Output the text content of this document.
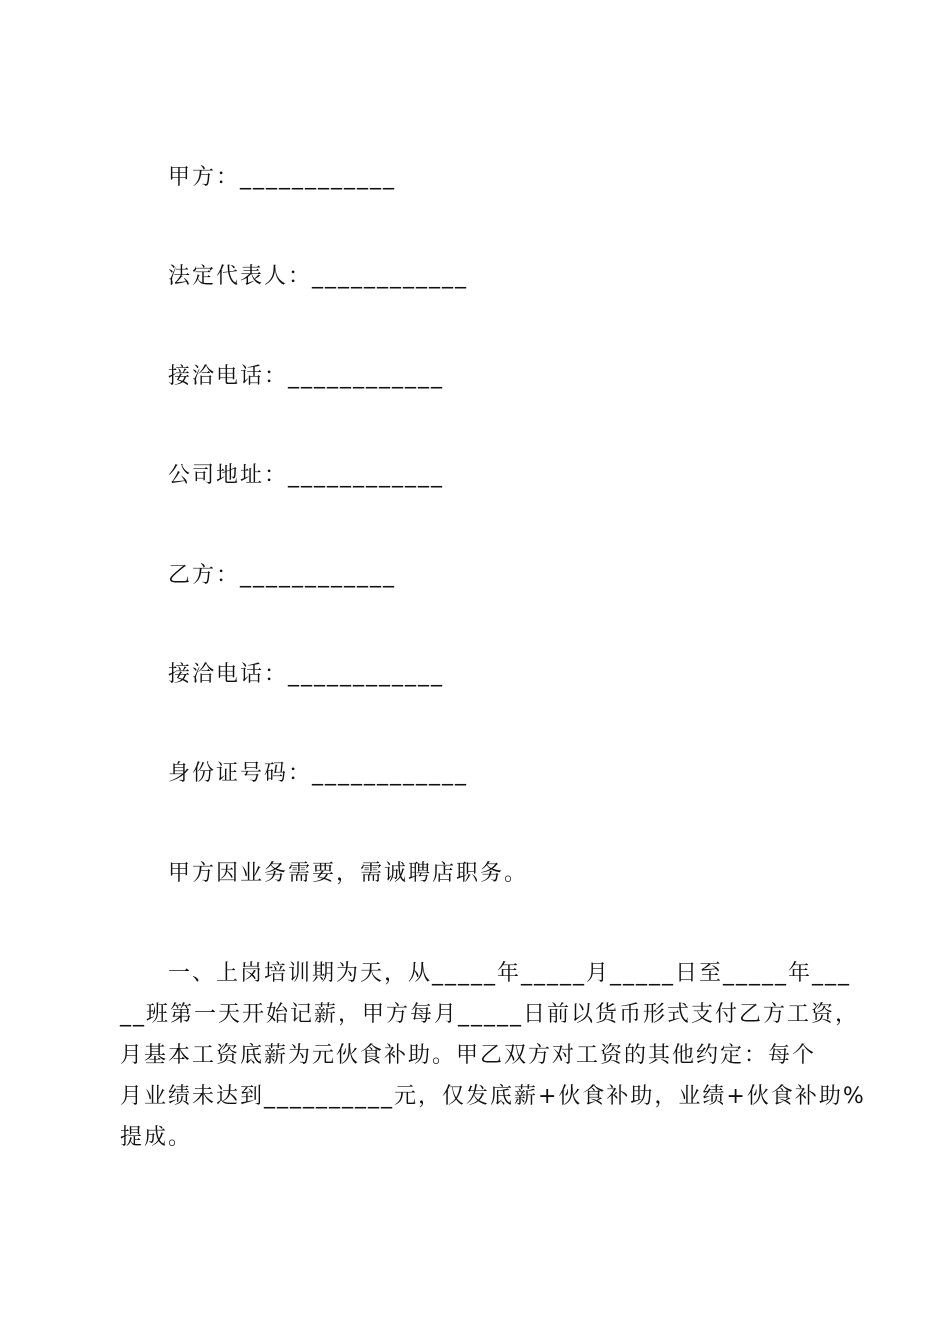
甲方：____________
法定代表人：____________
接洽电话：____________
公司地址：____________
乙方：____________
接洽电话：____________
身份证号码：____________
甲方因业务需要，需诚聘店职务。
一、上岗培训期为天，从_____年_____月_____日至_____年___
__班第一天开始记薪，甲方每月_____日前以货币形式支付乙方工资，
月基本工资底薪为元伙食补助。甲乙双方对工资的其他约定：每个
月业绩未达到__________元，仅发底薪+伙食补助，业绩+伙食补助%
提成。
